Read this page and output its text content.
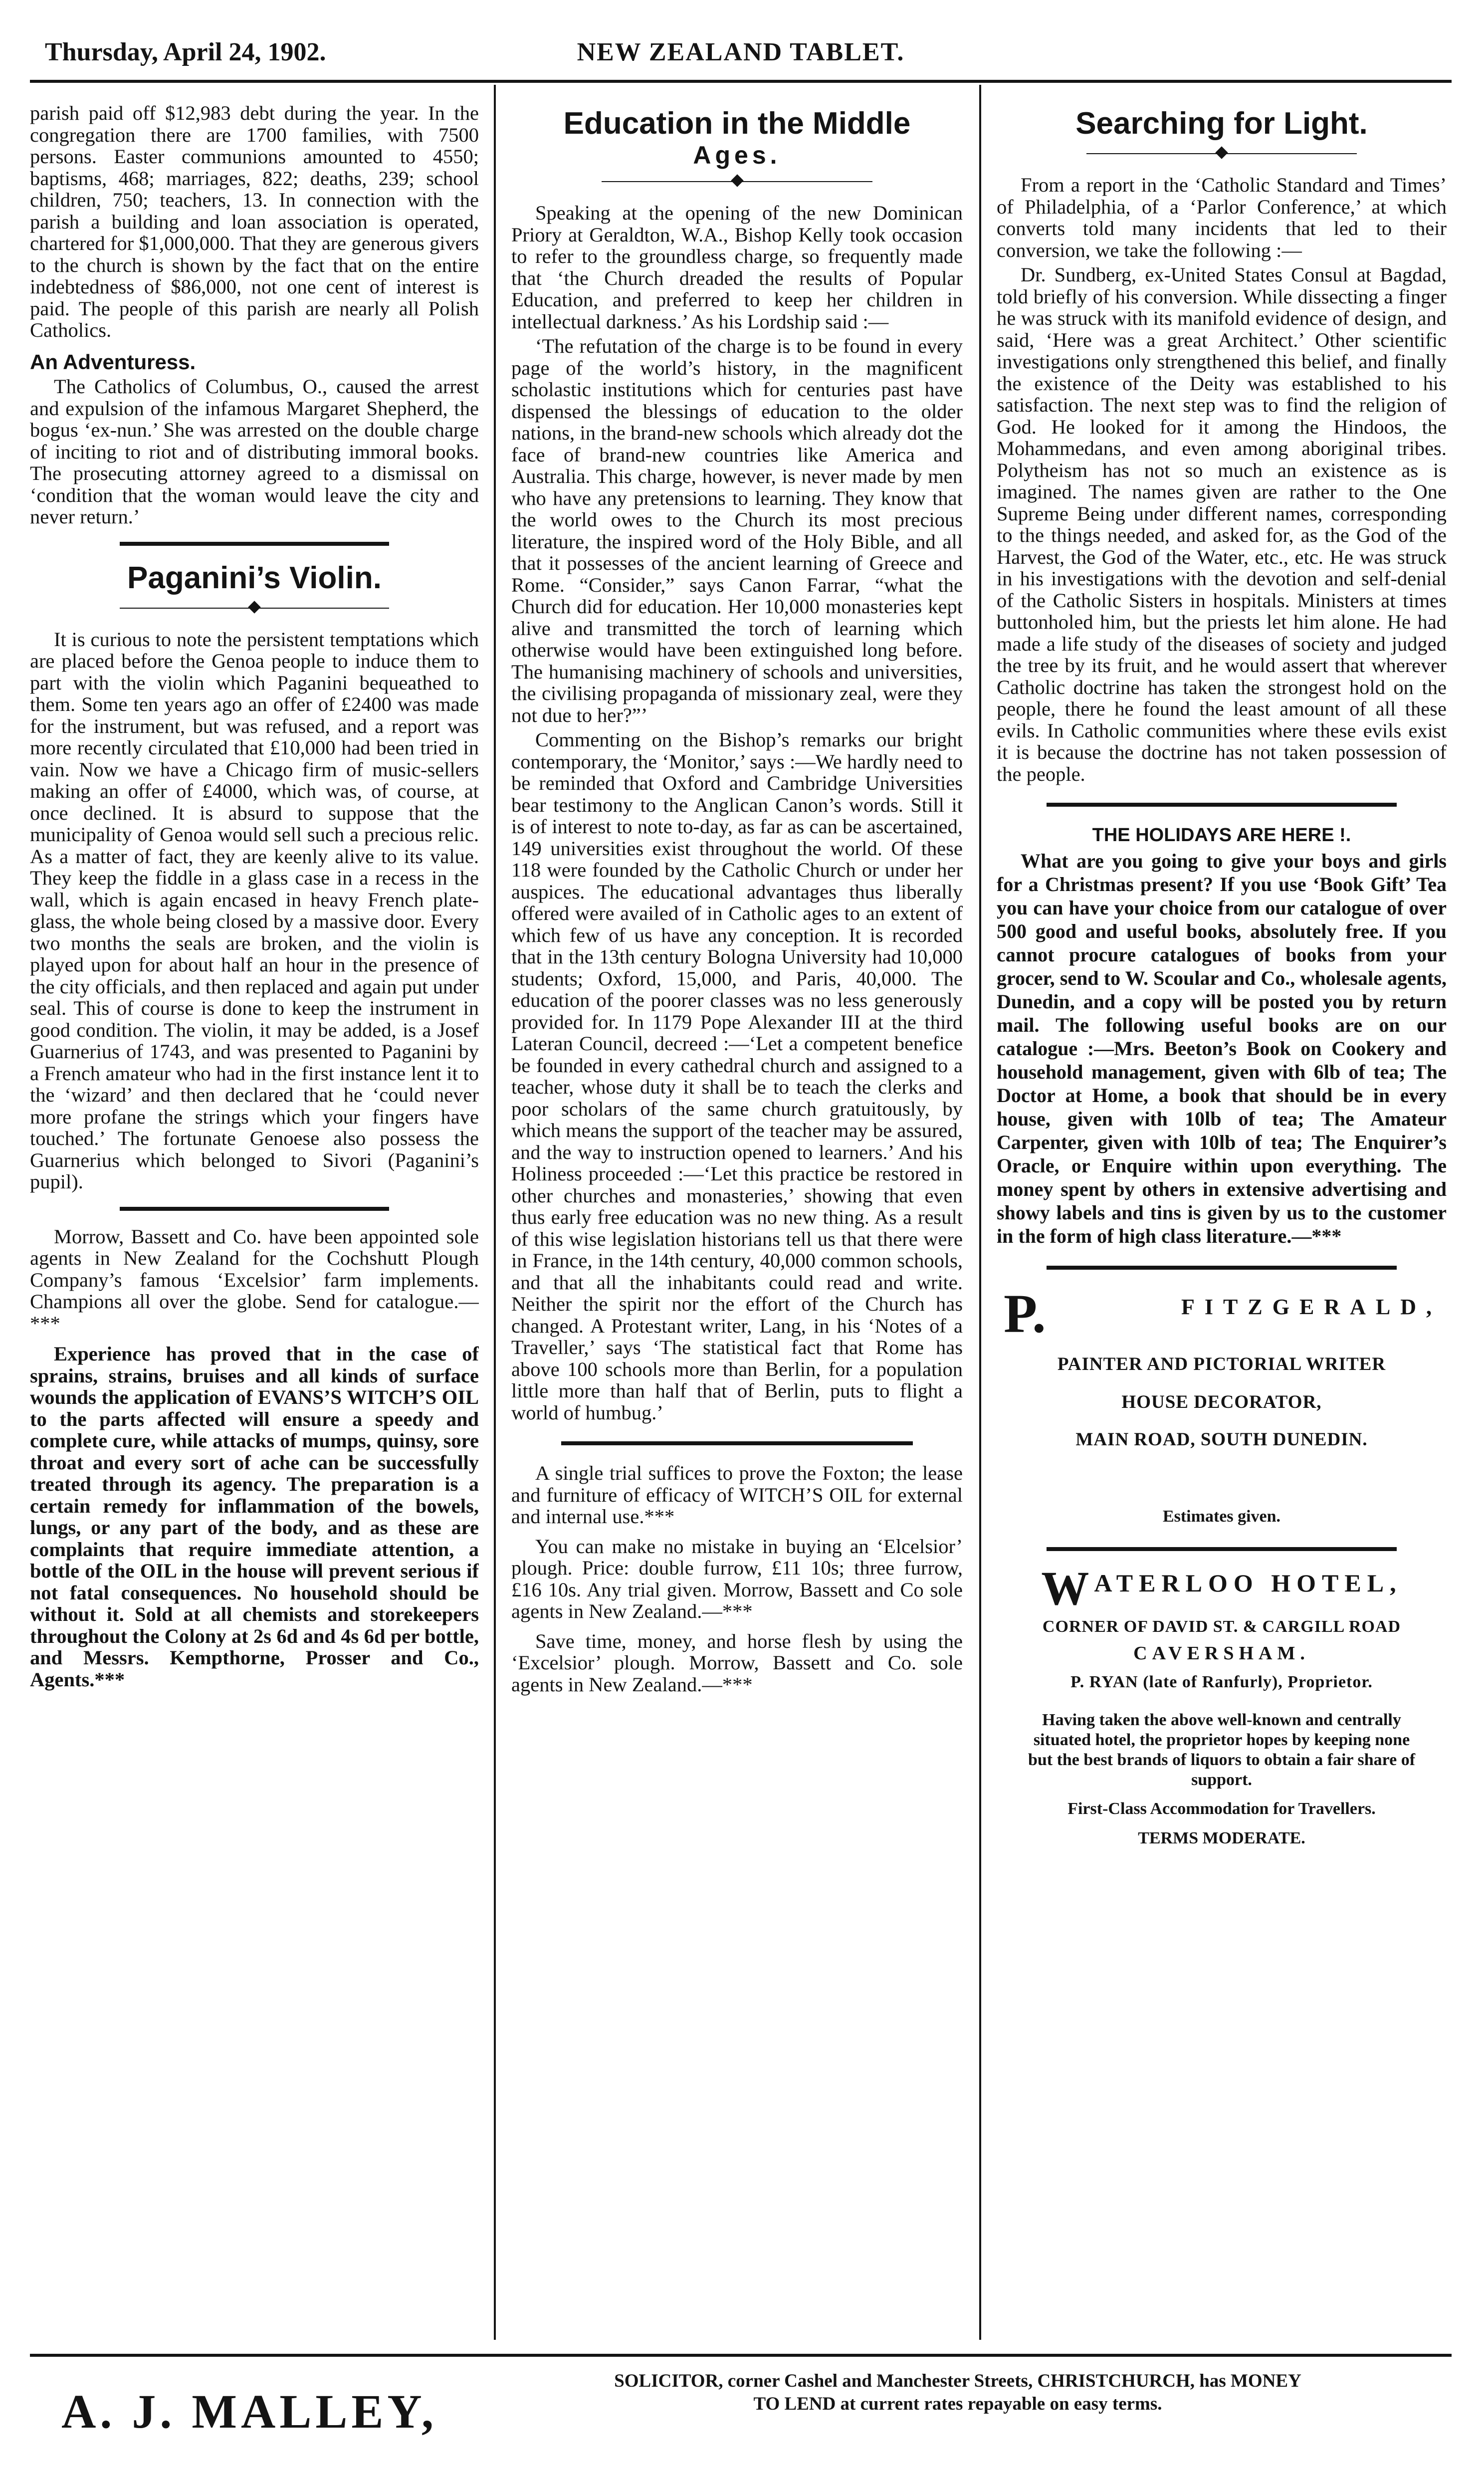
Thursday, April 24, 1902.	NEW ZEALAND TABLET.

parish paid off $12,983 debt during the year. In the congregation there are 1700 families, with 7500 persons. Easter communions amounted to 4550; baptisms, 468; marriages, 822; deaths, 239; school children, 750; teachers, 13. In connection with the parish a building and loan association is operated, chartered for $1,000,000. That they are generous givers to the church is shown by the fact that on the entire indebtedness of $86,000, not one cent of interest is paid. The people of this parish are nearly all Polish Catholics.

An Adventuress.

The Catholics of Columbus, O., caused the arrest and expulsion of the infamous Margaret Shepherd, the bogus ‘ex-nun.’ She was arrested on the double charge of inciting to riot and of distributing immoral books. The prosecuting attorney agreed to a dismissal on ‘condition that the woman would leave the city and never return.’

Paganini’s Violin.

It is curious to note the persistent temptations which are placed before the Genoa people to induce them to part with the violin which Paganini bequeathed to them. Some ten years ago an offer of £2400 was made for the instrument, but was refused, and a report was more recently circulated that £10,000 had been tried in vain. Now we have a Chicago firm of music-sellers making an offer of £4000, which was, of course, at once declined. It is absurd to suppose that the municipality of Genoa would sell such a precious relic. As a matter of fact, they are keenly alive to its value. They keep the fiddle in a glass case in a recess in the wall, which is again encased in heavy French plate-glass, the whole being closed by a massive door. Every two months the seals are broken, and the violin is played upon for about half an hour in the presence of the city officials, and then replaced and again put under seal. This of course is done to keep the instrument in good condition. The violin, it may be added, is a Josef Guarnerius of 1743, and was presented to Paganini by a French amateur who had in the first instance lent it to the ‘wizard’ and then declared that he ‘could never more profane the strings which your fingers have touched.’ The fortunate Genoese also possess the Guarnerius which belonged to Sivori (Paganini’s pupil).

Morrow, Bassett and Co. have been appointed sole agents in New Zealand for the Cochshutt Plough Company’s famous ‘Excelsior’ farm implements. Champions all over the globe. Send for catalogue.—***

Experience has proved that in the case of sprains, strains, bruises and all kinds of surface wounds the application of EVANS’S WITCH’S OIL to the parts affected will ensure a speedy and complete cure, while attacks of mumps, quinsy, sore throat and every sort of ache can be successfully treated through its agency. The preparation is a certain remedy for inflammation of the bowels, lungs, or any part of the body, and as these are complaints that require immediate attention, a bottle of the OIL in the house will prevent serious if not fatal consequences. No household should be without it. Sold at all chemists and storekeepers throughout the Colony at 2s 6d and 4s 6d per bottle, and Messrs. Kempthorne, Prosser and Co., Agents.***

Education in the Middle
Ages.

Speaking at the opening of the new Dominican Priory at Geraldton, W.A., Bishop Kelly took occasion to refer to the groundless charge, so frequently made that ‘the Church dreaded the results of Popular Education, and preferred to keep her children in intellectual darkness.’ As his Lordship said :—

‘The refutation of the charge is to be found in every page of the world’s history, in the magnificent scholastic institutions which for centuries past have dispensed the blessings of education to the older nations, in the brand-new schools which already dot the face of brand-new countries like America and Australia. This charge, however, is never made by men who have any pretensions to learning. They know that the world owes to the Church its most precious literature, the inspired word of the Holy Bible, and all that it possesses of the ancient learning of Greece and Rome. “Consider,” says Canon Farrar, “what the Church did for education. Her 10,000 monasteries kept alive and transmitted the torch of learning which otherwise would have been extinguished long before. The humanising machinery of schools and universities, the civilising propaganda of missionary zeal, were they not due to her?”’

Commenting on the Bishop’s remarks our bright contemporary, the ‘Monitor,’ says :—We hardly need to be reminded that Oxford and Cambridge Universities bear testimony to the Anglican Canon’s words. Still it is of interest to note to-day, as far as can be ascertained, 149 universities exist throughout the world. Of these 118 were founded by the Catholic Church or under her auspices. The educational advantages thus liberally offered were availed of in Catholic ages to an extent of which few of us have any conception. It is recorded that in the 13th century Bologna University had 10,000 students; Oxford, 15,000, and Paris, 40,000. The education of the poorer classes was no less generously provided for. In 1179 Pope Alexander III at the third Lateran Council, decreed :—‘Let a competent benefice be founded in every cathedral church and assigned to a teacher, whose duty it shall be to teach the clerks and poor scholars of the same church gratuitously, by which means the support of the teacher may be assured, and the way to instruction opened to learners.’ And his Holiness proceeded :—‘Let this practice be restored in other churches and monasteries,’ showing that even thus early free education was no new thing. As a result of this wise legislation historians tell us that there were in France, in the 14th century, 40,000 common schools, and that all the inhabitants could read and write. Neither the spirit nor the effort of the Church has changed. A Protestant writer, Lang, in his ‘Notes of a Traveller,’ says ‘The statistical fact that Rome has above 100 schools more than Berlin, for a population little more than half that of Berlin, puts to flight a world of humbug.’

A single trial suffices to prove the Foxton; the lease and furniture of efficacy of WITCH’S OIL for external and internal use.***

You can make no mistake in buying an ‘Elcelsior’ plough. Price: double furrow, £11 10s; three furrow, £16 10s. Any trial given. Morrow, Bassett and Co sole agents in New Zealand.—***

Save time, money, and horse flesh by using the ‘Excelsior’ plough. Morrow, Bassett and Co. sole agents in New Zealand.—***

Searching for Light.

From a report in the ‘Catholic Standard and Times’ of Philadelphia, of a ‘Parlor Conference,’ at which converts told many incidents that led to their conversion, we take the following :—

Dr. Sundberg, ex-United States Consul at Bagdad, told briefly of his conversion. While dissecting a finger he was struck with its manifold evidence of design, and said, ‘Here was a great Architect.’ Other scientific investigations only strengthened this belief, and finally the existence of the Deity was established to his satisfaction. The next step was to find the religion of God. He looked for it among the Hindoos, the Mohammedans, and even among aboriginal tribes. Polytheism has not so much an existence as is imagined. The names given are rather to the One Supreme Being under different names, corresponding to the things needed, and asked for, as the God of the Harvest, the God of the Water, etc., etc. He was struck in his investigations with the devotion and self-denial of the Catholic Sisters in hospitals. Ministers at times buttonholed him, but the priests let him alone. He had made a life study of the diseases of society and judged the tree by its fruit, and he would assert that wherever Catholic doctrine has taken the strongest hold on the people, there he found the least amount of all these evils. In Catholic communities where these evils exist it is because the doctrine has not taken possession of the people.

THE HOLIDAYS ARE HERE !.

What are you going to give your boys and girls for a Christmas present? If you use ‘Book Gift’ Tea you can have your choice from our catalogue of over 500 good and useful books, absolutely free. If you cannot procure catalogues of books from your grocer, send to W. Scoular and Co., wholesale agents, Dunedin, and a copy will be posted you by return mail. The following useful books are on our catalogue :—Mrs. Beeton’s Book on Cookery and household management, given with 6lb of tea; The Doctor at Home, a book that should be in every house, given with 10lb of tea; The Amateur Carpenter, given with 10lb of tea; The Enquirer’s Oracle, or Enquire within upon everything. The money spent by others in extensive advertising and showy labels and tins is given by us to the customer in the form of high class literature.—***

P.	FITZGERALD,
PAINTER AND PICTORIAL WRITER
HOUSE DECORATOR,
MAIN ROAD, SOUTH DUNEDIN.
Estimates given.
W ATERLOO HOTEL,
CORNER OF DAVID ST. & CARGILL ROAD
CAVERSHAM.
P. RYAN (late of Ranfurly), Proprietor.
Having taken the above well-known and centrally situated hotel, the proprietor hopes by keeping none but the best brands of liquors to obtain a fair share of support.
First-Class Accommodation for Travellers.
TERMS MODERATE.
A. J. MALLEY,
SOLICITOR, corner Cashel and Manchester Streets, CHRISTCHURCH, has MONEY
TO LEND at current rates repayable on easy terms.
